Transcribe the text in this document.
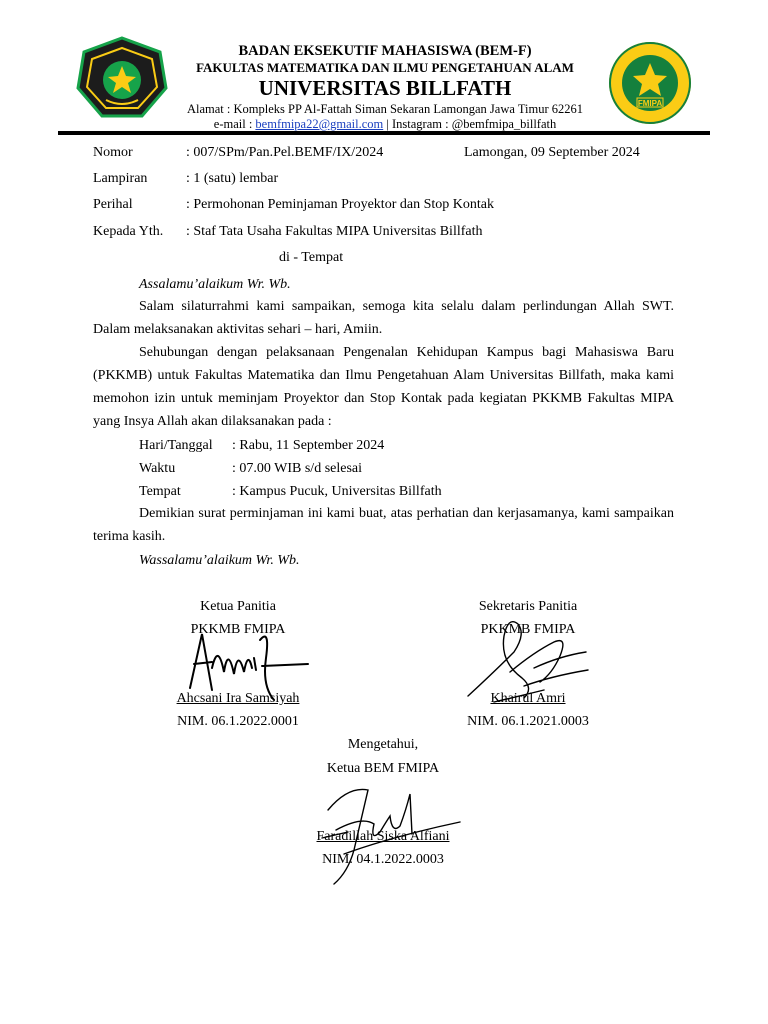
FMIPA
BADAN EKSEKUTIF MAHASISWA (BEM-F)
FAKULTAS MATEMATIKA DAN ILMU PENGETAHUAN ALAM
UNIVERSITAS BILLFATH
Alamat : Kompleks PP Al-Fattah Siman Sekaran Lamongan Jawa Timur 62261
e-mail : bemfmipa22@gmail.com | Instagram : @bemfmipa_billfath
Nomor	: 007/SPm/Pan.Pel.BEMF/IX/2024	Lamongan, 09 September 2024
Lampiran	: 1 (satu) lembar
Perihal	: Permohonan Peminjaman Proyektor dan Stop Kontak
Kepada Yth. : Staf Tata Usaha Fakultas MIPA Universitas Billfath
di - Tempat
Assalamu’alaikum Wr. Wb.
Salam silaturrahmi kami sampaikan, semoga kita selalu dalam perlindungan Allah SWT. Dalam melaksanakan aktivitas sehari – hari, Amiin.
Sehubungan dengan pelaksanaan Pengenalan Kehidupan Kampus bagi Mahasiswa Baru (PKKMB) untuk Fakultas Matematika dan Ilmu Pengetahuan Alam Universitas Billfath, maka kami memohon izin untuk meminjam Proyektor dan Stop Kontak pada kegiatan PKKMB Fakultas MIPA yang Insya Allah akan dilaksanakan pada :
Hari/Tanggal : Rabu, 11 September 2024
Waktu	: 07.00 WIB s/d selesai
Tempat	: Kampus Pucuk, Universitas Billfath
Demikian surat perminjaman ini kami buat, atas perhatian dan kerjasamanya, kami sampaikan terima kasih.
Wassalamu’alaikum Wr. Wb.
Ketua Panitia
PKKMB FMIPA
Ahcsani Ira Samsiyah
NIM. 06.1.2022.0001
Sekretaris Panitia
PKKMB FMIPA
Khairul Amri
NIM. 06.1.2021.0003
Mengetahui,
Ketua BEM FMIPA
Faradillah Siska Alfiani
NIM. 04.1.2022.0003
